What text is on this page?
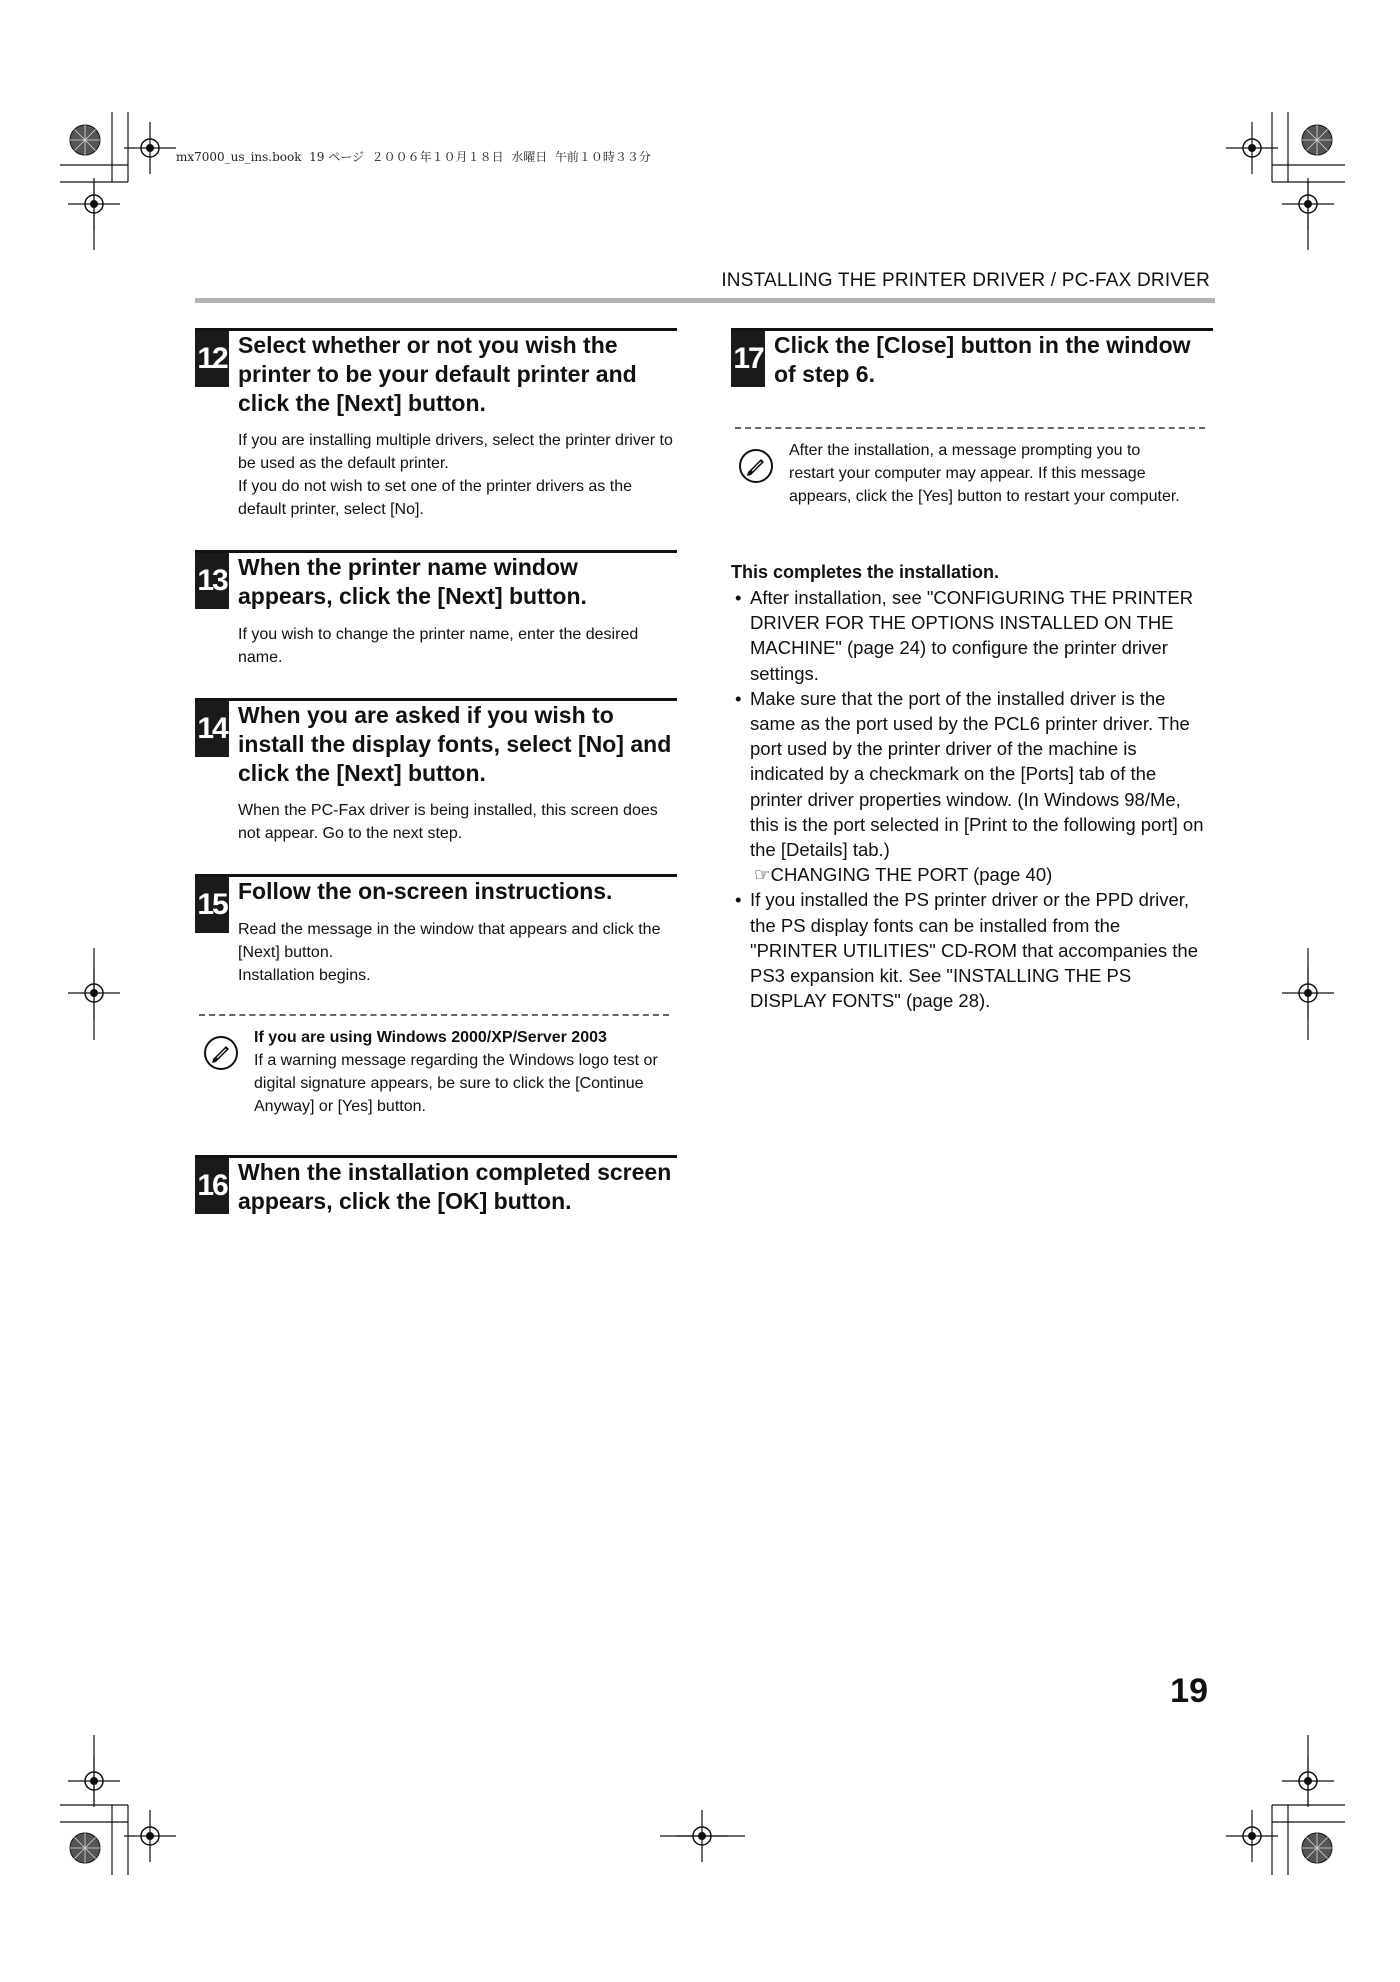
mx7000_us_ins.book  19 ページ  ２００６年１０月１８日  水曜日  午前１０時３３分
INSTALLING THE PRINTER DRIVER / PC-FAX DRIVER
12 Select whether or not you wish the printer to be your default printer and click the [Next] button.
If you are installing multiple drivers, select the printer driver to be used as the default printer.
If you do not wish to set one of the printer drivers as the default printer, select [No].
13 When the printer name window appears, click the [Next] button.
If you wish to change the printer name, enter the desired name.
14 When you are asked if you wish to install the display fonts, select [No] and click the [Next] button.
When the PC-Fax driver is being installed, this screen does not appear. Go to the next step.
15 Follow the on-screen instructions.
Read the message in the window that appears and click the [Next] button.
Installation begins.
If you are using Windows 2000/XP/Server 2003
If a warning message regarding the Windows logo test or digital signature appears, be sure to click the [Continue Anyway] or [Yes] button.
16 When the installation completed screen appears, click the [OK] button.
17 Click the [Close] button in the window of step 6.
After the installation, a message prompting you to restart your computer may appear. If this message appears, click the [Yes] button to restart your computer.
This completes the installation.
• After installation, see "CONFIGURING THE PRINTER DRIVER FOR THE OPTIONS INSTALLED ON THE MACHINE" (page 24) to configure the printer driver settings.
• Make sure that the port of the installed driver is the same as the port used by the PCL6 printer driver. The port used by the printer driver of the machine is indicated by a checkmark on the [Ports] tab of the printer driver properties window. (In Windows 98/Me, this is the port selected in [Print to the following port] on the [Details] tab.)
☞CHANGING THE PORT (page 40)
• If you installed the PS printer driver or the PPD driver, the PS display fonts can be installed from the "PRINTER UTILITIES" CD-ROM that accompanies the PS3 expansion kit. See "INSTALLING THE PS DISPLAY FONTS" (page 28).
19
